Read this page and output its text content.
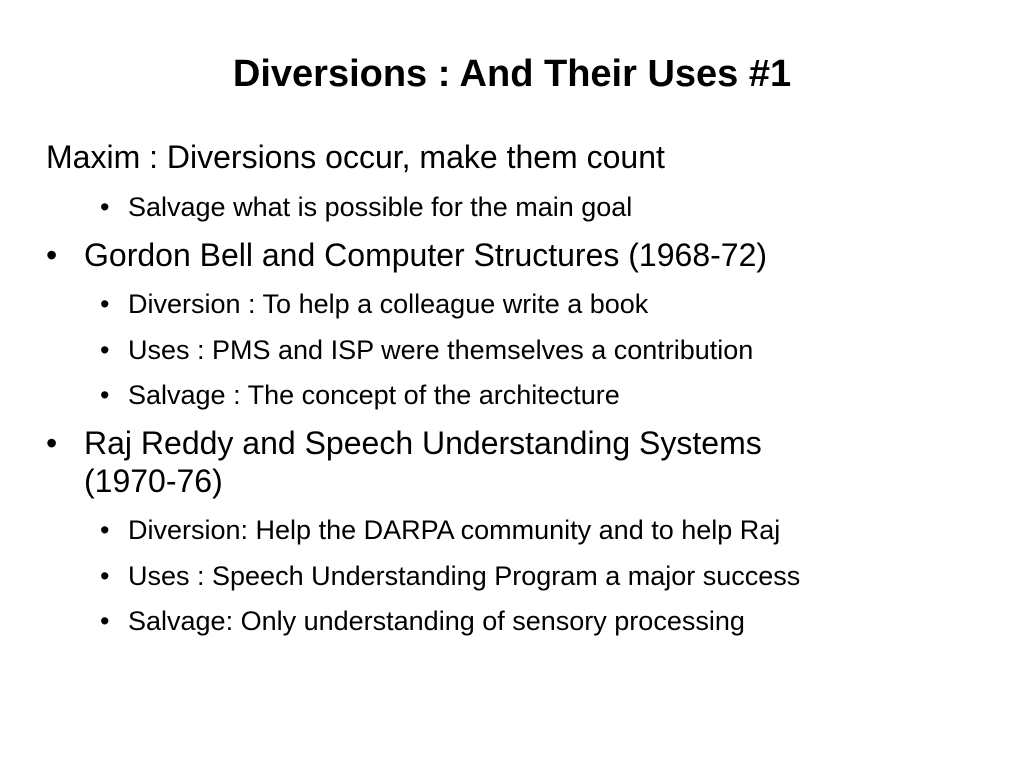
Diversions : And Their Uses #1
Maxim : Diversions occur, make them count
• Salvage what is possible for the main goal
• Gordon Bell and Computer Structures (1968-72)
• Diversion : To help a colleague write a book
• Uses : PMS and ISP were themselves a contribution
• Salvage : The concept of the architecture
• Raj Reddy and Speech Understanding Systems
(1970-76)
• Diversion: Help the DARPA community and to help Raj
• Uses : Speech Understanding Program a major success
• Salvage: Only understanding of sensory processing
